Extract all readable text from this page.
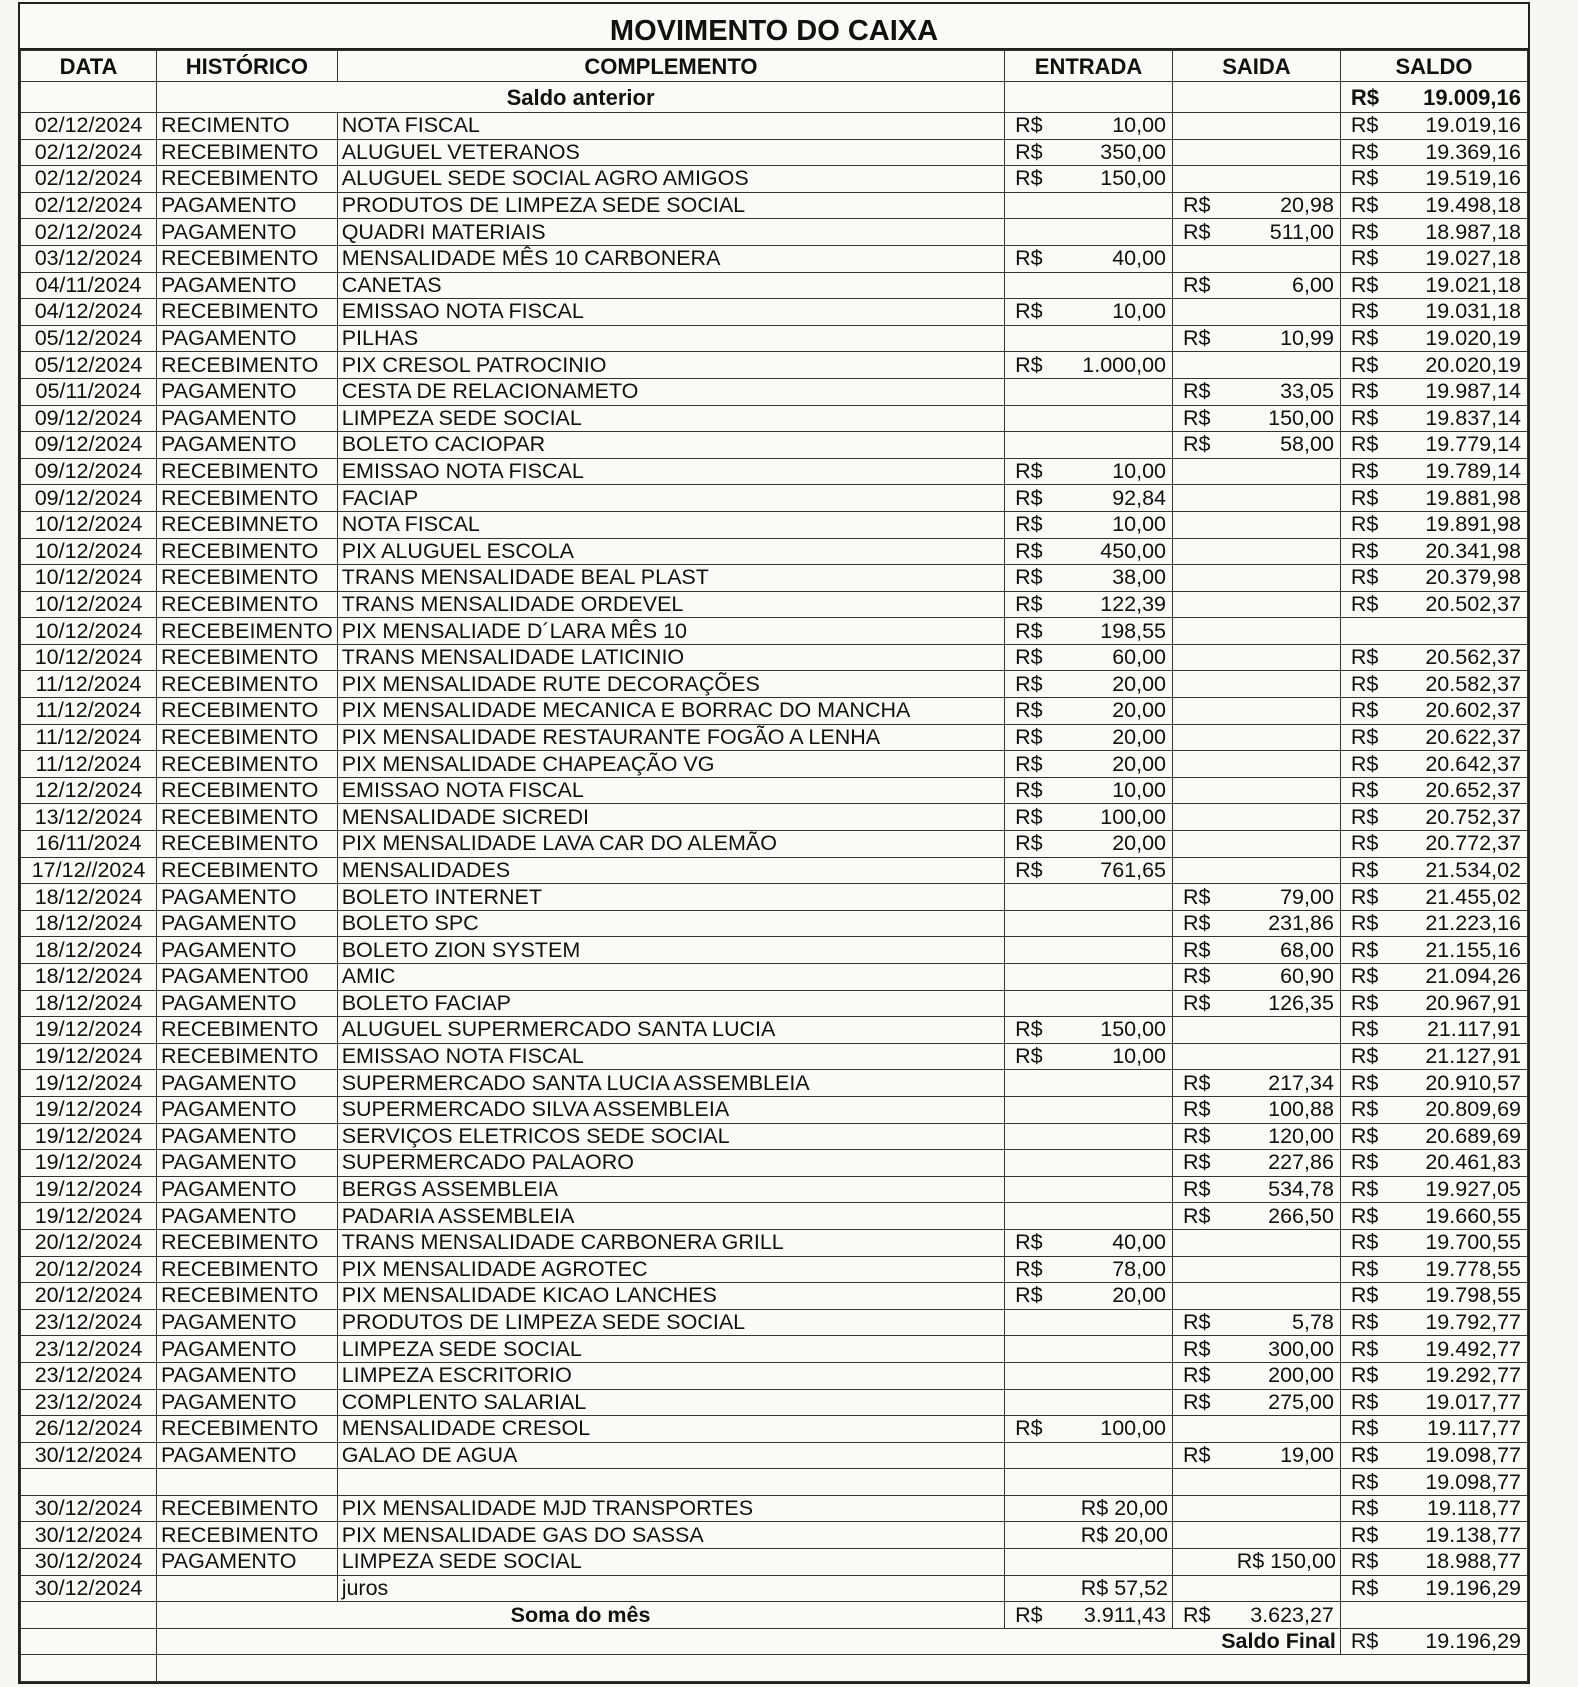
MOVIMENTO DO CAIXA
DATA	HISTÓRICO	COMPLEMENTO	ENTRADA	SAIDA	SALDO
	Saldo anterior				R$ 19.009,16

02/12/2024	RECIMENTO	NOTA FISCAL	R$ 10,00		R$ 19.019,16

02/12/2024	RECEBIMENTO	ALUGUEL VETERANOS	R$ 350,00		R$ 19.369,16

02/12/2024	RECEBIMENTO	ALUGUEL SEDE SOCIAL AGRO AMIGOS	R$ 150,00		R$ 19.519,16

02/12/2024	PAGAMENTO	PRODUTOS DE LIMPEZA SEDE SOCIAL		R$ 20,98	R$ 19.498,18

02/12/2024	PAGAMENTO	QUADRI MATERIAIS		R$ 511,00	R$ 18.987,18

03/12/2024	RECEBIMENTO	MENSALIDADE MÊS 10 CARBONERA	R$ 40,00		R$ 19.027,18

04/11/2024	PAGAMENTO	CANETAS		R$ 6,00	R$ 19.021,18

04/12/2024	RECEBIMENTO	EMISSAO NOTA FISCAL	R$ 10,00		R$ 19.031,18

05/12/2024	PAGAMENTO	PILHAS		R$ 10,99	R$ 19.020,19

05/12/2024	RECEBIMENTO	PIX CRESOL PATROCINIO	R$ 1.000,00		R$ 20.020,19

05/11/2024	PAGAMENTO	CESTA DE RELACIONAMETO		R$ 33,05	R$ 19.987,14

09/12/2024	PAGAMENTO	LIMPEZA SEDE SOCIAL		R$ 150,00	R$ 19.837,14

09/12/2024	PAGAMENTO	BOLETO CACIOPAR		R$ 58,00	R$ 19.779,14

09/12/2024	RECEBIMENTO	EMISSAO NOTA FISCAL	R$ 10,00		R$ 19.789,14

09/12/2024	RECEBIMENTO	FACIAP	R$ 92,84		R$ 19.881,98

10/12/2024	RECEBIMNETO	NOTA FISCAL	R$ 10,00		R$ 19.891,98

10/12/2024	RECEBIMENTO	PIX ALUGUEL ESCOLA	R$ 450,00		R$ 20.341,98

10/12/2024	RECEBIMENTO	TRANS MENSALIDADE BEAL PLAST	R$ 38,00		R$ 20.379,98

10/12/2024	RECEBIMENTO	TRANS MENSALIDADE ORDEVEL	R$ 122,39		R$ 20.502,37

10/12/2024	RECEBEIMENTO	PIX MENSALIADE D´LARA MÊS 10	R$ 198,55		

10/12/2024	RECEBIMENTO	TRANS MENSALIDADE LATICINIO	R$ 60,00		R$ 20.562,37

11/12/2024	RECEBIMENTO	PIX MENSALIDADE RUTE DECORAÇÕES	R$ 20,00		R$ 20.582,37

11/12/2024	RECEBIMENTO	PIX MENSALIDADE MECANICA E BORRAC DO MANCHA	R$ 20,00		R$ 20.602,37

11/12/2024	RECEBIMENTO	PIX MENSALIDADE RESTAURANTE FOGÃO A LENHA	R$ 20,00		R$ 20.622,37

11/12/2024	RECEBIMENTO	PIX MENSALIDADE CHAPEAÇÃO VG	R$ 20,00		R$ 20.642,37

12/12/2024	RECEBIMENTO	EMISSAO NOTA FISCAL	R$ 10,00		R$ 20.652,37

13/12/2024	RECEBIMENTO	MENSALIDADE SICREDI	R$ 100,00		R$ 20.752,37

16/11/2024	RECEBIMENTO	PIX MENSALIDADE LAVA CAR DO ALEMÃO	R$ 20,00		R$ 20.772,37

17/12//2024	RECEBIMENTO	MENSALIDADES	R$ 761,65		R$ 21.534,02

18/12/2024	PAGAMENTO	BOLETO INTERNET		R$ 79,00	R$ 21.455,02

18/12/2024	PAGAMENTO	BOLETO SPC		R$ 231,86	R$ 21.223,16

18/12/2024	PAGAMENTO	BOLETO ZION SYSTEM		R$ 68,00	R$ 21.155,16

18/12/2024	PAGAMENTO0	AMIC		R$ 60,90	R$ 21.094,26

18/12/2024	PAGAMENTO	BOLETO FACIAP		R$ 126,35	R$ 20.967,91

19/12/2024	RECEBIMENTO	ALUGUEL SUPERMERCADO SANTA LUCIA	R$ 150,00		R$ 21.117,91

19/12/2024	RECEBIMENTO	EMISSAO NOTA FISCAL	R$ 10,00		R$ 21.127,91

19/12/2024	PAGAMENTO	SUPERMERCADO SANTA LUCIA ASSEMBLEIA		R$ 217,34	R$ 20.910,57

19/12/2024	PAGAMENTO	SUPERMERCADO SILVA ASSEMBLEIA		R$ 100,88	R$ 20.809,69

19/12/2024	PAGAMENTO	SERVIÇOS ELETRICOS SEDE SOCIAL		R$ 120,00	R$ 20.689,69

19/12/2024	PAGAMENTO	SUPERMERCADO PALAORO		R$ 227,86	R$ 20.461,83

19/12/2024	PAGAMENTO	BERGS ASSEMBLEIA		R$ 534,78	R$ 19.927,05

19/12/2024	PAGAMENTO	PADARIA ASSEMBLEIA		R$ 266,50	R$ 19.660,55

20/12/2024	RECEBIMENTO	TRANS MENSALIDADE CARBONERA GRILL	R$ 40,00		R$ 19.700,55

20/12/2024	RECEBIMENTO	PIX MENSALIDADE AGROTEC	R$ 78,00		R$ 19.778,55

20/12/2024	RECEBIMENTO	PIX MENSALIDADE KICAO LANCHES	R$ 20,00		R$ 19.798,55

23/12/2024	PAGAMENTO	PRODUTOS DE LIMPEZA SEDE SOCIAL		R$ 5,78	R$ 19.792,77

23/12/2024	PAGAMENTO	LIMPEZA SEDE SOCIAL		R$ 300,00	R$ 19.492,77

23/12/2024	PAGAMENTO	LIMPEZA ESCRITORIO		R$ 200,00	R$ 19.292,77

23/12/2024	PAGAMENTO	COMPLENTO SALARIAL		R$ 275,00	R$ 19.017,77

26/12/2024	RECEBIMENTO	MENSALIDADE CRESOL	R$ 100,00		R$ 19.117,77

30/12/2024	PAGAMENTO	GALAO DE AGUA		R$ 19,00	R$ 19.098,77

					R$ 19.098,77

30/12/2024	RECEBIMENTO	PIX MENSALIDADE MJD TRANSPORTES	R$ 20,00		R$ 19.118,77

30/12/2024	RECEBIMENTO	PIX MENSALIDADE GAS DO SASSA	R$ 20,00		R$ 19.138,77

30/12/2024	PAGAMENTO	LIMPEZA SEDE SOCIAL		R$ 150,00	R$ 18.988,77

30/12/2024		juros	R$ 57,52		R$ 19.196,29

	Soma do mês		R$ 3.911,43	R$ 3.623,27	

	Saldo Final				R$ 19.196,29
